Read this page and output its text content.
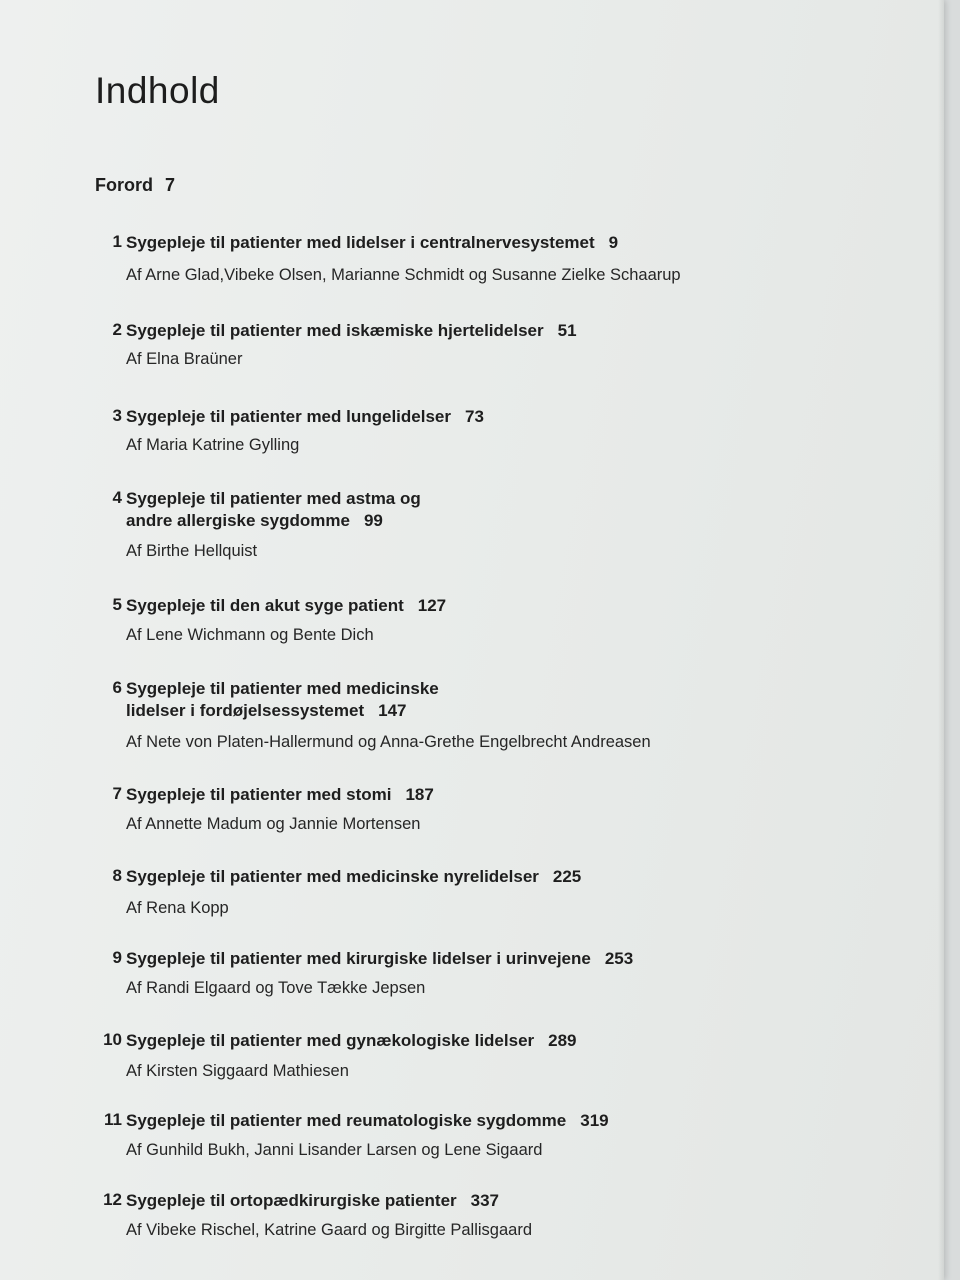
Indhold
Forord 7
1 Sygepleje til patienter med lidelser i centralnervesystemet 9
Af Arne Glad,Vibeke Olsen, Marianne Schmidt og Susanne Zielke Schaarup
2 Sygepleje til patienter med iskæmiske hjertelidelser 51
Af Elna Braüner
3 Sygepleje til patienter med lungelidelser 73
Af Maria Katrine Gylling
4 Sygepleje til patienter med astma og andre allergiske sygdomme 99
Af Birthe Hellquist
5 Sygepleje til den akut syge patient 127
Af Lene Wichmann og Bente Dich
6 Sygepleje til patienter med medicinske lidelser i fordøjelsessystemet 147
Af Nete von Platen-Hallermund og Anna-Grethe Engelbrecht Andreasen
7 Sygepleje til patienter med stomi 187
Af Annette Madum og Jannie Mortensen
8 Sygepleje til patienter med medicinske nyrelidelser 225
Af Rena Kopp
9 Sygepleje til patienter med kirurgiske lidelser i urinvejene 253
Af Randi Elgaard og Tove Tække Jepsen
10 Sygepleje til patienter med gynækologiske lidelser 289
Af Kirsten Siggaard Mathiesen
11 Sygepleje til patienter med reumatologiske sygdomme 319
Af Gunhild Bukh, Janni Lisander Larsen og Lene Sigaard
12 Sygepleje til ortopædkirurgiske patienter 337
Af Vibeke Rischel, Katrine Gaard og Birgitte Pallisgaard
